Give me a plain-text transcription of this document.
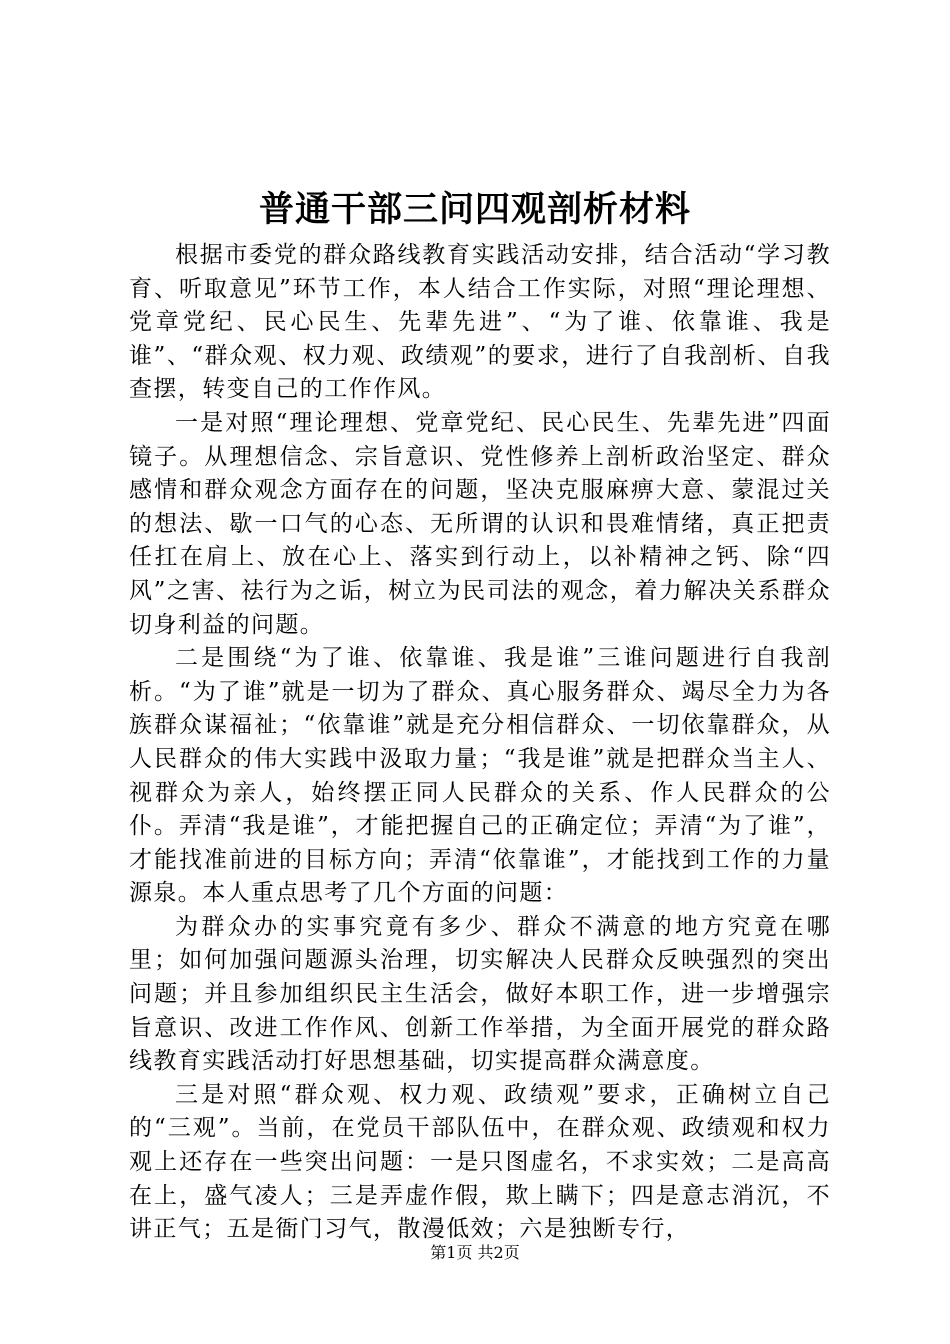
普通干部三问四观剖析材料

根据市委党的群众路线教育实践活动安排，结合活动“学习教育、听取意见”环节工作，本人结合工作实际，对照“理论理想、党章党纪、民心民生、先辈先进”、“为了谁、依靠谁、我是谁”、“群众观、权力观、政绩观”的要求，进行了自我剖析、自我查摆，转变自己的工作作风。

一是对照“理论理想、党章党纪、民心民生、先辈先进”四面镜子。从理想信念、宗旨意识、党性修养上剖析政治坚定、群众感情和群众观念方面存在的问题，坚决克服麻痹大意、蒙混过关的想法、歇一口气的心态、无所谓的认识和畏难情绪，真正把责任扛在肩上、放在心上、落实到行动上，以补精神之钙、除“四风”之害、祛行为之诟，树立为民司法的观念，着力解决关系群众切身利益的问题。

二是围绕“为了谁、依靠谁、我是谁”三谁问题进行自我剖析。“为了谁”就是一切为了群众、真心服务群众、竭尽全力为各族群众谋福祉；“依靠谁”就是充分相信群众、一切依靠群众，从人民群众的伟大实践中汲取力量；“我是谁”就是把群众当主人、视群众为亲人，始终摆正同人民群众的关系、作人民群众的公仆。弄清“我是谁”，才能把握自己的正确定位；弄清“为了谁”，才能找准前进的目标方向；弄清“依靠谁”，才能找到工作的力量源泉。本人重点思考了几个方面的问题：

为群众办的实事究竟有多少、群众不满意的地方究竟在哪里；如何加强问题源头治理，切实解决人民群众反映强烈的突出问题；并且参加组织民主生活会，做好本职工作，进一步增强宗旨意识、改进工作作风、创新工作举措，为全面开展党的群众路线教育实践活动打好思想基础，切实提高群众满意度。

三是对照“群众观、权力观、政绩观”要求，正确树立自己的“三观”。当前，在党员干部队伍中，在群众观、政绩观和权力观上还存在一些突出问题：一是只图虚名，不求实效；二是高高在上，盛气凌人；三是弄虚作假，欺上瞒下；四是意志消沉，不讲正气；五是衙门习气，散漫低效；六是独断专行，

第1页 共2页
